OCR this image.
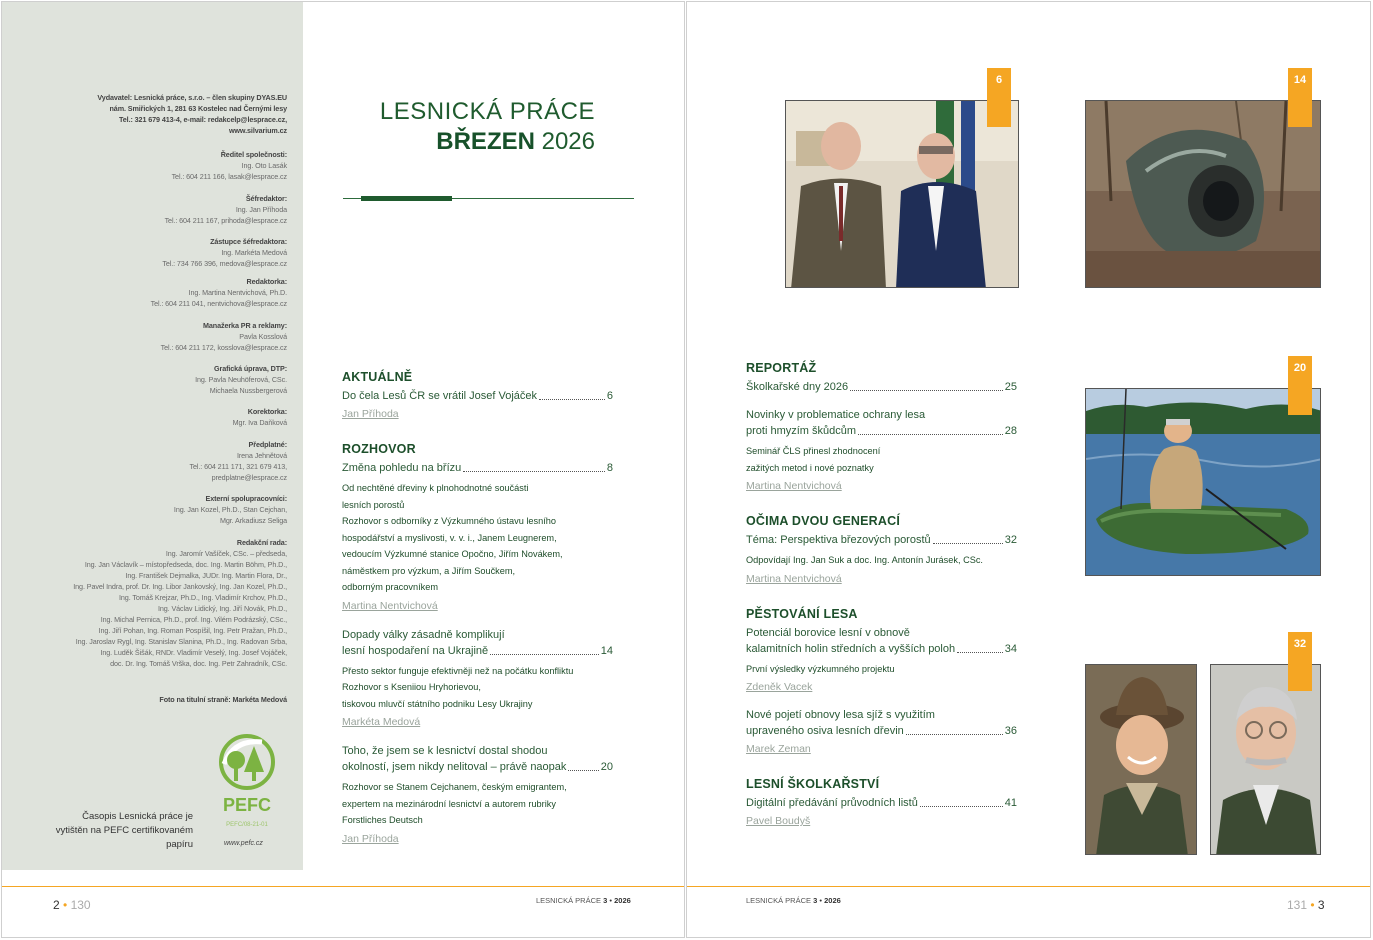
Vydavatel: Lesnická práce, s.r.o. – člen skupiny DYAS.EU
nám. Smiřických 1, 281 63 Kostelec nad Černými lesy
Tel.: 321 679 413-4, e-mail: redakcelp@lesprace.cz,
www.silvarium.cz
Ředitel společnosti:
Ing. Oto Lasák
Tel.: 604 211 166, lasak@lesprace.cz
Šéfredaktor:
Ing. Jan Příhoda
Tel.: 604 211 167, prihoda@lesprace.cz
Zástupce šéfredaktora:
Ing. Markéta Medová
Tel.: 734 766 396, medova@lesprace.cz
Redaktorka:
Ing. Martina Nentvichová, Ph.D.
Tel.: 604 211 041, nentvichova@lesprace.cz
Manažerka PR a reklamy:
Pavla Kosslová
Tel.: 604 211 172, kosslova@lesprace.cz
Grafická úprava, DTP:
Ing. Pavla Neuhöferová, CSc.
Michaela Nussbergerová
Korektorka:
Mgr. Iva Daňková
Předplatné:
Irena Jehnětová
Tel.: 604 211 171, 321 679 413,
predplatne@lesprace.cz
Externí spolupracovníci:
Ing. Jan Kozel, Ph.D., Stan Cejchan,
Mgr. Arkadiusz Seliga
Redakční rada:
Ing. Jaromír Vašíček, CSc. – předseda,
Ing. Jan Václavík – místopředseda, doc. Ing. Martin Böhm, Ph.D.,
Ing. František Dejmalka, JUDr. Ing. Martin Flora, Dr.,
Ing. Pavel Indra, prof. Dr. Ing. Libor Jankovský, Ing. Jan Kozel, Ph.D.,
Ing. Tomáš Krejzar, Ph.D., Ing. Vladimír Krchov, Ph.D.,
Ing. Václav Lidický, Ing. Jiří Novák, Ph.D.,
Ing. Michal Pernica, Ph.D., prof. Ing. Vilém Podrázský, CSc.,
Ing. Jiří Pohan, Ing. Roman Pospíšil, Ing. Petr Pražan, Ph.D.,
Ing. Jaroslav Rygl, Ing. Stanislav Slanina, Ph.D., Ing. Radovan Srba,
Ing. Luděk Šišák, RNDr. Vladimír Veselý, Ing. Josef Vojáček,
doc. Dr. Ing. Tomáš Vrška, doc. Ing. Petr Zahradník, CSc.
Foto na titulní straně: Markéta Medová
Časopis Lesnická práce je
vytištěn na PEFC certifikovaném
papíru
PEFC
PEFC/08-21-01
www.pefc.cz
LESNICKÁ PRÁCE
BŘEZEN 2026
AKTUÁLNĚ
Do čela Lesů ČR se vrátil Josef Vojáček	6
Jan Příhoda
ROZHOVOR
Změna pohledu na břízu	8
Od nechtěné dřeviny k plnohodnotné součásti
lesních porostů
Rozhovor s odborníky z Výzkumného ústavu lesního
hospodářství a myslivosti, v. v. i., Janem Leugnerem,
vedoucím Výzkumné stanice Opočno, Jiřím Novákem,
náměstkem pro výzkum, a Jiřím Součkem,
odborným pracovníkem
Martina Nentvichová
Dopady války zásadně komplikují
lesní hospodaření na Ukrajině	14
Přesto sektor funguje efektivněji než na počátku konfliktu
Rozhovor s Kseniiou Hryhorievou,
tiskovou mluvčí státního podniku Lesy Ukrajiny
Markéta Medová
Toho, že jsem se k lesnictví dostal shodou
okolností, jsem nikdy nelitoval – právě naopak	20
Rozhovor se Stanem Cejchanem, českým emigrantem,
expertem na mezinárodní lesnictví a autorem rubriky
Forstliches Deutsch
Jan Příhoda
REPORTÁŽ
Školkařské dny 2026	25
Novinky v problematice ochrany lesa
proti hmyzím škůdcům	28
Seminář ČLS přinesl zhodnocení
zažitých metod i nové poznatky
Martina Nentvichová
OČIMA DVOU GENERACÍ
Téma: Perspektiva březových porostů	32
Odpovídají Ing. Jan Suk a doc. Ing. Antonín Jurásek, CSc.
Martina Nentvichová
PĚSTOVÁNÍ LESA
Potenciál borovice lesní v obnově
kalamitních holin středních a vyšších poloh	34
První výsledky výzkumného projektu
Zdeněk Vacek
Nové pojetí obnovy lesa sjíž s využitím
upraveného osiva lesních dřevin	36
Marek Zeman
LESNÍ ŠKOLKAŘSTVÍ
Digitální předávání průvodních listů	41
Pavel Boudyš
6	14
20
32
2 • 130	LESNICKÁ PRÁCE 3 • 2026	LESNICKÁ PRÁCE 3 • 2026	131 • 3
